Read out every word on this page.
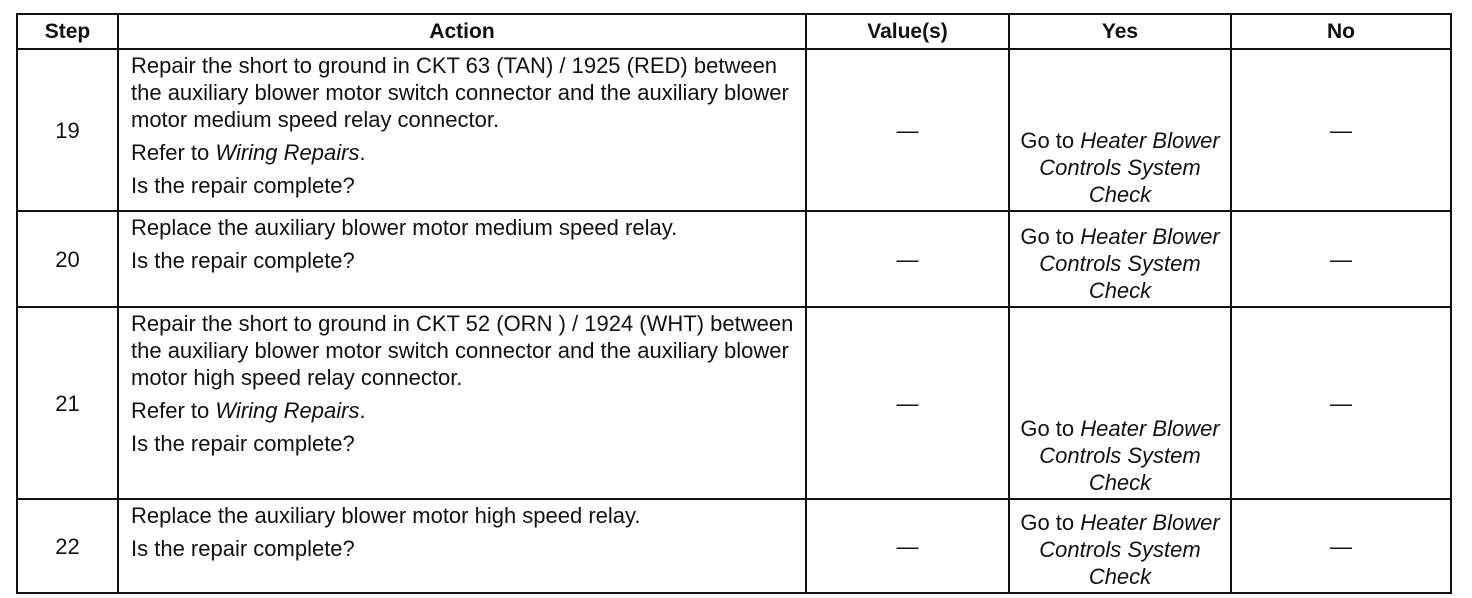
Step	Action	Value(s)	Yes	No
19	Repair the short to ground in CKT 63 (TAN) / 1925 (RED) between the auxiliary blower motor switch connector and the auxiliary blower motor medium speed relay connector.

Refer to Wiring Repairs.

Is the repair complete?	—	Go to Heater Blower Controls System Check	—
20	Replace the auxiliary blower motor medium speed relay.

Is the repair complete?	—	Go to Heater Blower Controls System Check	—
21	Repair the short to ground in CKT 52 (ORN ) / 1924 (WHT) between the auxiliary blower motor switch connector and the auxiliary blower motor high speed relay connector.

Refer to Wiring Repairs.

Is the repair complete?	—	Go to Heater Blower Controls System Check	—
22	Replace the auxiliary blower motor high speed relay.

Is the repair complete?	—	Go to Heater Blower Controls System Check	—
